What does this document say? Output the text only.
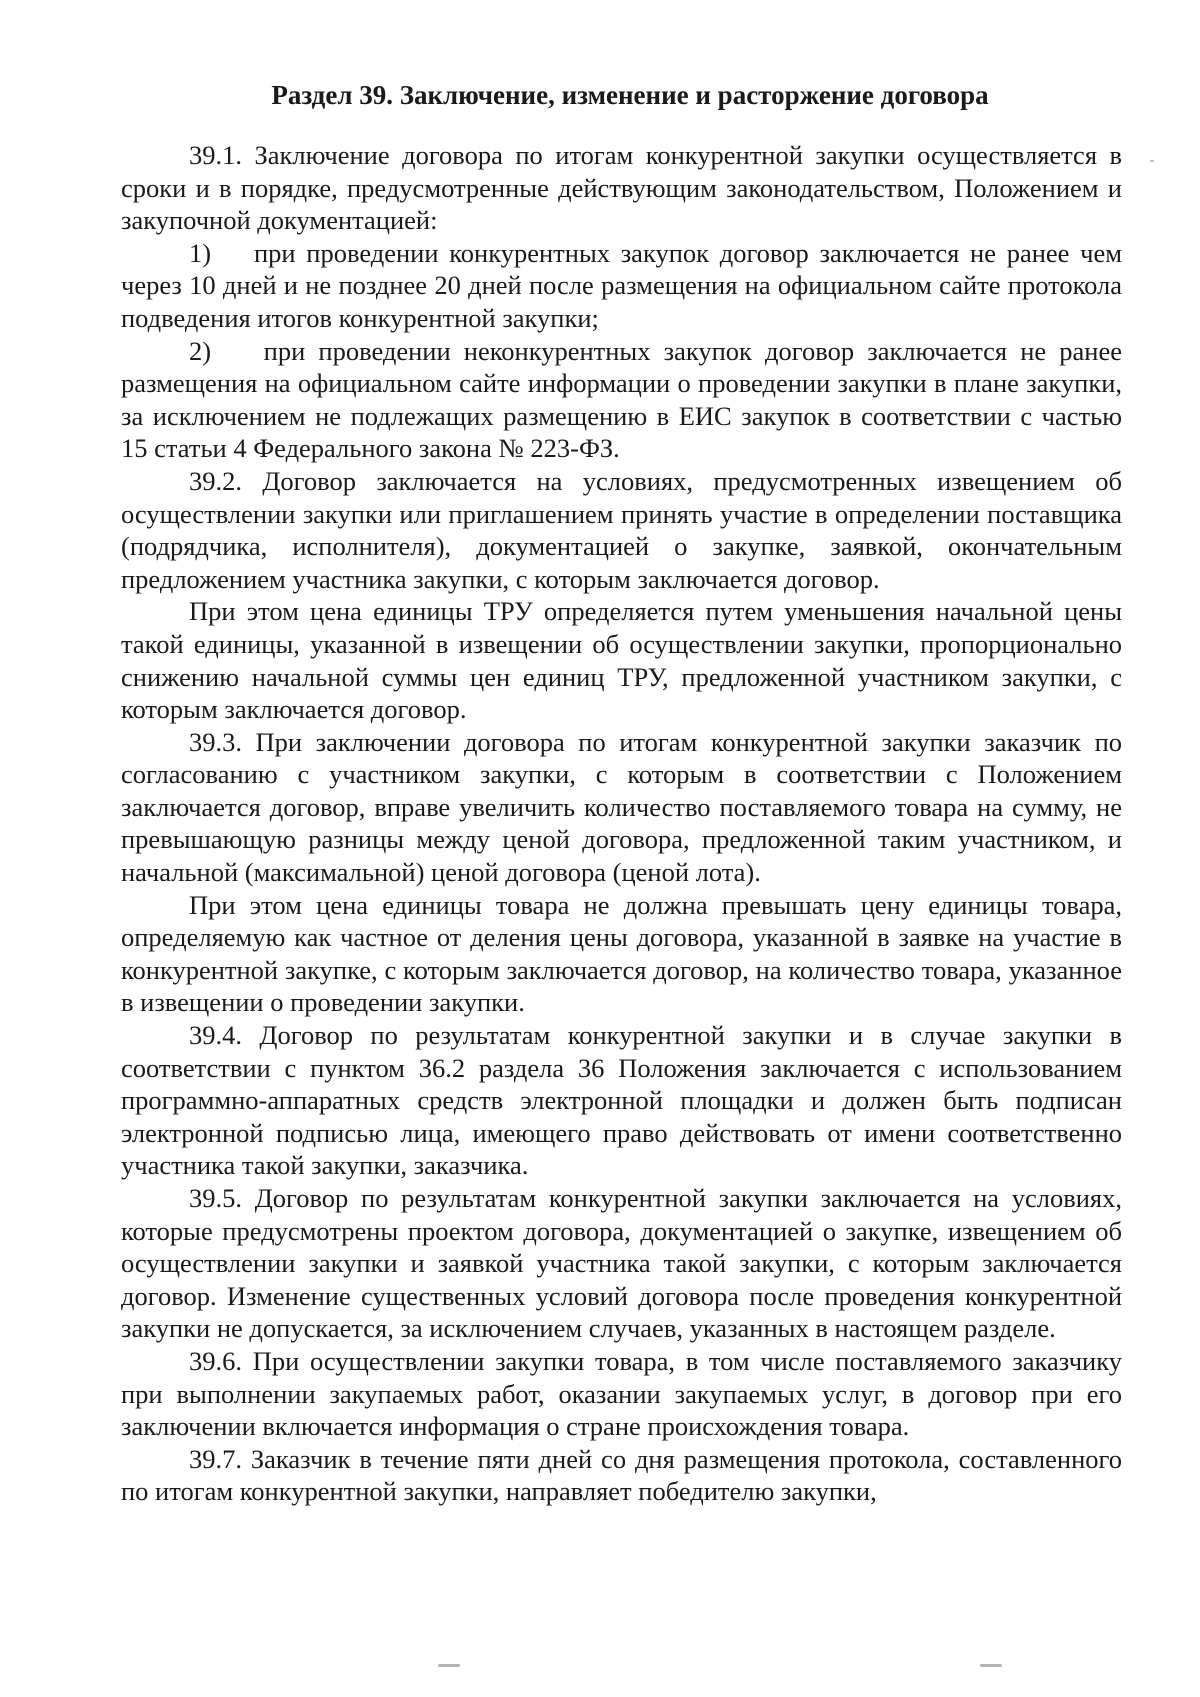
Раздел 39. Заключение, изменение и расторжение договора

39.1. Заключение договора по итогам конкурентной закупки осуществляется в сроки и в порядке, предусмотренные действующим законодательством, Положением и закупочной документацией:

1)    при проведении конкурентных закупок договор заключается не ранее чем через 10 дней и не позднее 20 дней после размещения на официальном сайте протокола подведения итогов конкурентной закупки;

2)    при проведении неконкурентных закупок договор заключается не ранее размещения на официальном сайте информации о проведении закупки в плане закупки, за исключением не подлежащих размещению в ЕИС закупок в соответствии с частью 15 статьи 4 Федерального закона № 223-ФЗ.

39.2. Договор заключается на условиях, предусмотренных извещением об осуществлении закупки или приглашением принять участие в определении поставщика (подрядчика, исполнителя), документацией о закупке, заявкой, окончательным предложением участника закупки, с которым заключается договор.

При этом цена единицы ТРУ определяется путем уменьшения начальной цены такой единицы, указанной в извещении об осуществлении закупки, пропорционально снижению начальной суммы цен единиц ТРУ, предложенной участником закупки, с которым заключается договор.

39.3. При заключении договора по итогам конкурентной закупки заказчик по согласованию с участником закупки, с которым в соответствии с Положением заключается договор, вправе увеличить количество поставляемого товара на сумму, не превышающую разницы между ценой договора, предложенной таким участником, и начальной (максимальной) ценой договора (ценой лота).

При этом цена единицы товара не должна превышать цену единицы товара, определяемую как частное от деления цены договора, указанной в заявке на участие в конкурентной закупке, с которым заключается договор, на количество товара, указанное в извещении о проведении закупки.

39.4. Договор по результатам конкурентной закупки и в случае закупки в соответствии с пунктом 36.2 раздела 36 Положения заключается с использованием программно-аппаратных средств электронной площадки и должен быть подписан электронной подписью лица, имеющего право действовать от имени соответственно участника такой закупки, заказчика.

39.5. Договор по результатам конкурентной закупки заключается на условиях, которые предусмотрены проектом договора, документацией о закупке, извещением об осуществлении закупки и заявкой участника такой закупки, с которым заключается договор. Изменение существенных условий договора после проведения конкурентной закупки не допускается, за исключением случаев, указанных в настоящем разделе.

39.6. При осуществлении закупки товара, в том числе поставляемого заказчику при выполнении закупаемых работ, оказании закупаемых услуг, в договор при его заключении включается информация о стране происхождения товара.

39.7. Заказчик в течение пяти дней со дня размещения протокола, составленного по итогам конкурентной закупки, направляет победителю закупки,
